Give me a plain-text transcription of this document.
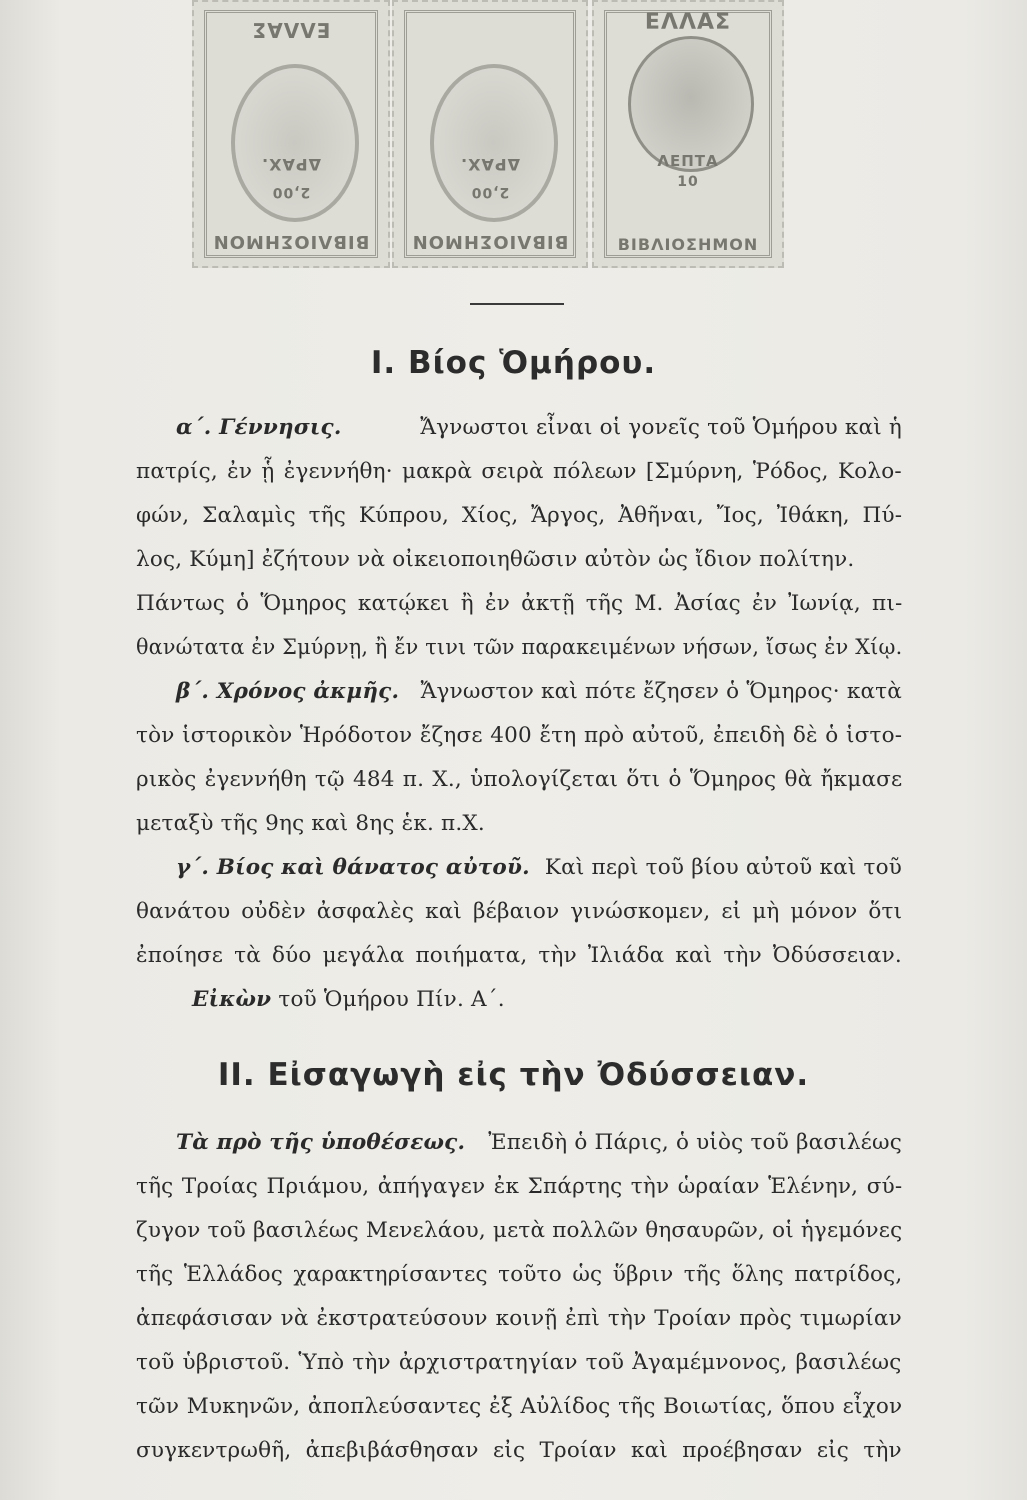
ΒΙΒΛΙΟΣΗΜΟΝ
2,00
ΔΡΑΧ.
ΕΛΛΑΣ
ΒΙΒΛΙΟΣΗΜΟΝ
2,00
ΔΡΑΧ.
ΕΛΛΑΣ
ΛΕΠΤΑ
10
ΒΙΒΛΙΟΣΗΜΟΝ
Ι. Βίος Ὁμήρου.
α΄. Γέννησις.	Ἄγνωστοι εἶναι οἱ γονεῖς τοῦ Ὁμήρου καὶ ἡ
πατρίς, ἐν ᾗ ἐγεννήθη· μακρὰ σειρὰ πόλεων [Σμύρνη, Ῥόδος, Κολο-
φών, Σαλαμὶς τῆς Κύπρου, Χίος, Ἄργος, Ἀθῆναι, Ἴος, Ἰθάκη, Πύ-
λος, Κύμη] ἐζήτουν νὰ οἰκειοποιηθῶσιν αὐτὸν ὡς ἴδιον πολίτην.
Πάντως ὁ Ὅμηρος κατῴκει ἢ ἐν ἀκτῇ τῆς Μ. Ἀσίας ἐν Ἰωνίᾳ, πι-
θανώτατα ἐν Σμύρνῃ, ἢ ἔν τινι τῶν παρακειμένων νήσων, ἴσως ἐν Χίῳ.
β΄. Χρόνος ἀκμῆς. Ἄγνωστον καὶ πότε ἔζησεν ὁ Ὅμηρος· κατὰ
τὸν ἱστορικὸν Ἡρόδοτον ἔζησε 400 ἔτη πρὸ αὐτοῦ, ἐπειδὴ δὲ ὁ ἱστο-
ρικὸς ἐγεννήθη τῷ 484 π. Χ., ὑπολογίζεται ὅτι ὁ Ὅμηρος θὰ ἤκμασε
μεταξὺ τῆς 9ης καὶ 8ης ἑκ. π.Χ.
γ΄. Βίος καὶ θάνατος αὐτοῦ. Καὶ περὶ τοῦ βίου αὐτοῦ καὶ τοῦ
θανάτου οὐδὲν ἀσφαλὲς καὶ βέβαιον γινώσκομεν, εἰ μὴ μόνον ὅτι
ἐποίησε τὰ δύο μεγάλα ποιήματα, τὴν Ἰλιάδα καὶ τὴν Ὀδύσσειαν.
Εἰκὼν τοῦ Ὁμήρου Πίν. Α΄.
ΙΙ. Εἰσαγωγὴ εἰς τὴν Ὀδύσσειαν.
Τὰ πρὸ τῆς ὑποθέσεως. Ἐπειδὴ ὁ Πάρις, ὁ υἱὸς τοῦ βασιλέως
τῆς Τροίας Πριάμου, ἀπήγαγεν ἐκ Σπάρτης τὴν ὡραίαν Ἑλένην, σύ-
ζυγον τοῦ βασιλέως Μενελάου, μετὰ πολλῶν θησαυρῶν, οἱ ἡγεμόνες
τῆς Ἑλλάδος χαρακτηρίσαντες τοῦτο ὡς ὕβριν τῆς ὅλης πατρίδος,
ἀπεφάσισαν νὰ ἐκστρατεύσουν κοινῇ ἐπὶ τὴν Τροίαν πρὸς τιμωρίαν
τοῦ ὑβριστοῦ. Ὑπὸ τὴν ἀρχιστρατηγίαν τοῦ Ἀγαμέμνονος, βασιλέως
τῶν Μυκηνῶν, ἀποπλεύσαντες ἐξ Αὐλίδος τῆς Βοιωτίας, ὅπου εἶχον
συγκεντρωθῆ, ἀπεβιβάσθησαν εἰς Τροίαν καὶ προέβησαν εἰς τὴν
